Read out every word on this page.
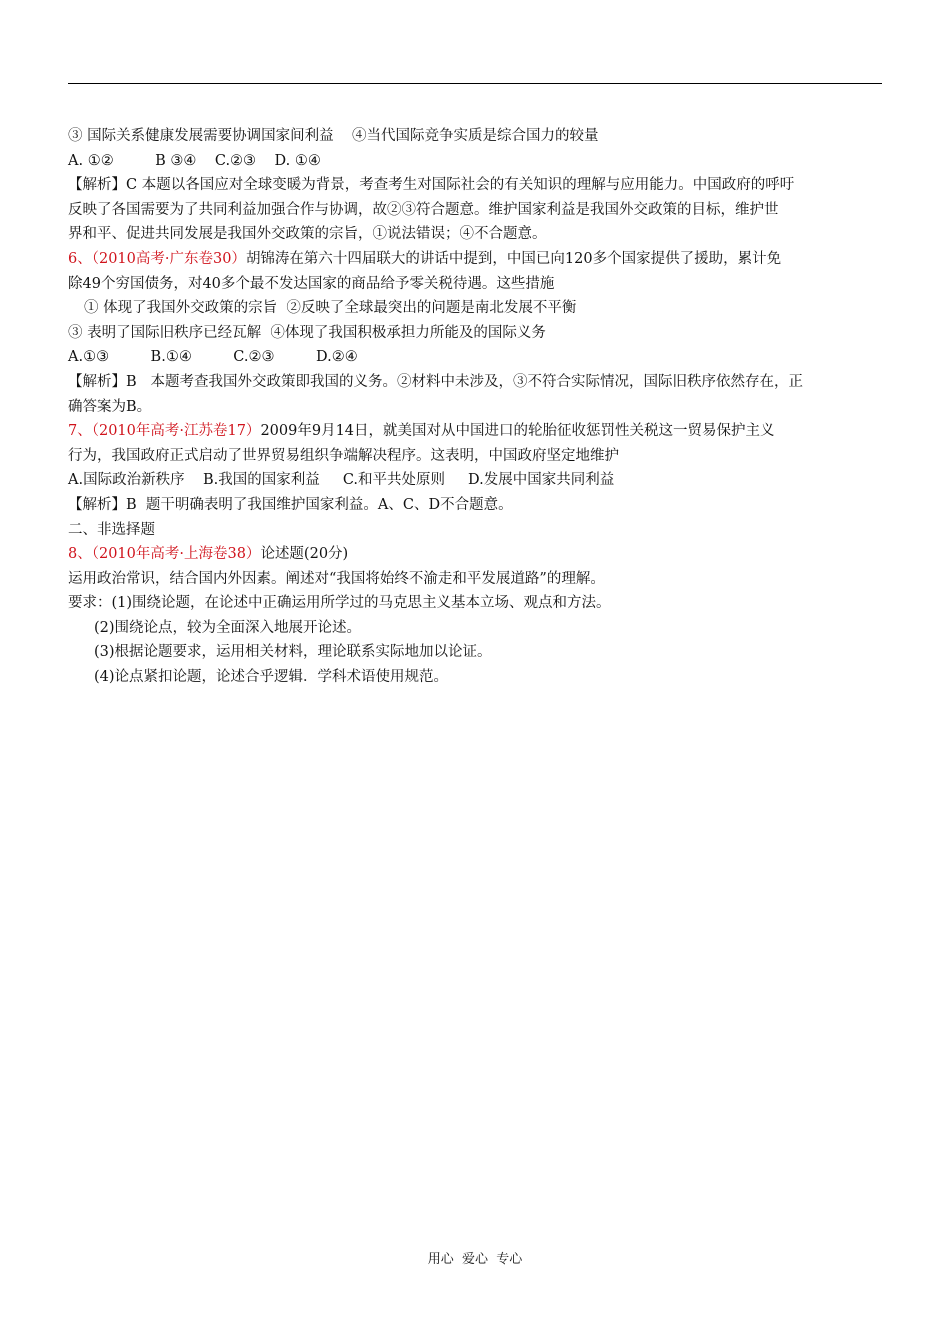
③ 国际关系健康发展需要协调国家间利益    ④当代国际竞争实质是综合国力的较量
A. ①②         B ③④    C.②③    D. ①④
【解析】C 本题以各国应对全球变暖为背景，考查考生对国际社会的有关知识的理解与应用能力。中国政府的呼吁
反映了各国需要为了共同利益加强合作与协调，故②③符合题意。维护国家利益是我国外交政策的目标，维护世
界和平、促进共同发展是我国外交政策的宗旨，①说法错误；④不合题意。
6、（2010高考·广东卷30）胡锦涛在第六十四届联大的讲话中提到，中国已向120多个国家提供了援助，累计免
除49个穷国债务，对40多个最不发达国家的商品给予零关税待遇。这些措施
① 体现了我国外交政策的宗旨  ②反映了全球最突出的问题是南北发展不平衡
③ 表明了国际旧秩序已经瓦解  ④体现了我国积极承担力所能及的国际义务
A.①③         B.①④         C.②③         D.②④
【解析】B   本题考查我国外交政策即我国的义务。②材料中未涉及，③不符合实际情况，国际旧秩序依然存在，正
确答案为B。
7、（2010年高考·江苏卷17）2009年9月14日，就美国对从中国进口的轮胎征收惩罚性关税这一贸易保护主义
行为，我国政府正式启动了世界贸易组织争端解决程序。这表明，中国政府坚定地维护
A.国际政治新秩序    B.我国的国家利益     C.和平共处原则     D.发展中国家共同利益
【解析】B  题干明确表明了我国维护国家利益。A、C、D不合题意。
二、非选择题
8、（2010年高考·上海卷38）论述题(20分)
运用政治常识，结合国内外因素。阐述对“我国将始终不渝走和平发展道路”的理解。
要求：(1)围绕论题，在论述中正确运用所学过的马克思主义基本立场、观点和方法。
(2)围绕论点，较为全面深入地展开论述。
(3)根据论题要求，运用相关材料，理论联系实际地加以论证。
(4)论点紧扣论题，论述合乎逻辑．学科术语使用规范。
用心  爱心  专心
